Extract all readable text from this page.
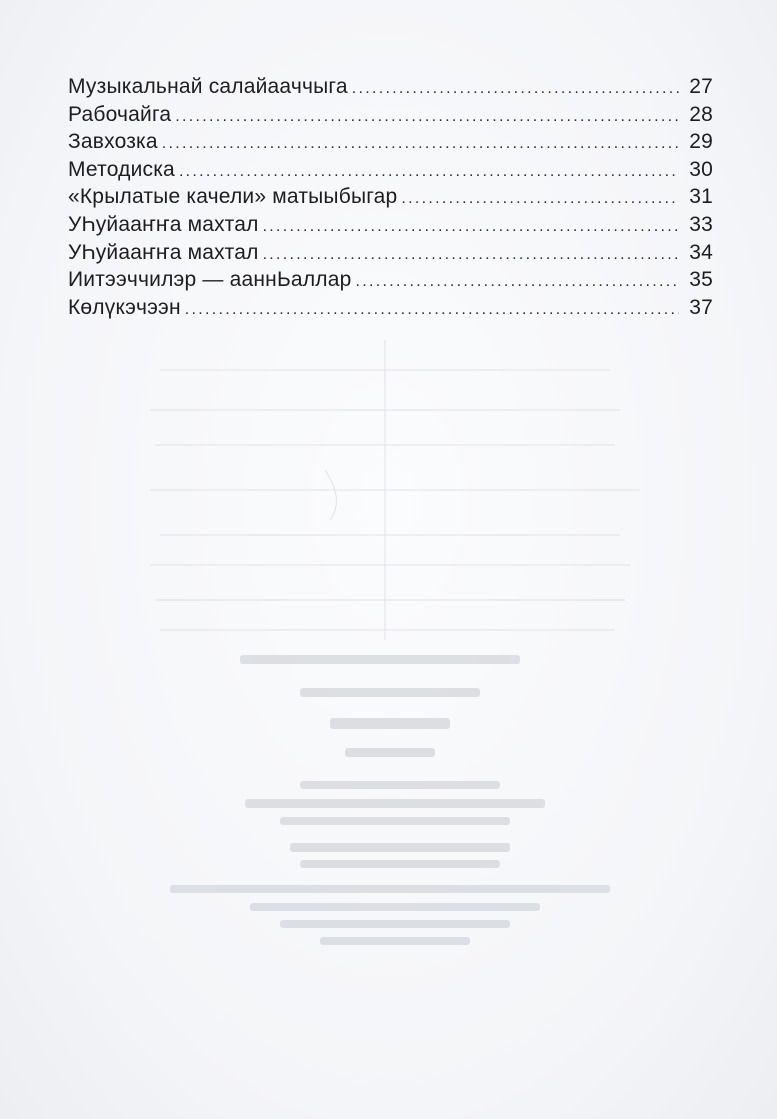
Музыкальнай салайааччыга .....	27
Рабочайга .....	28
Завхозка .....	29
Методиска .....	30
«Крылатые качели» матыыбыгар .....	31
УҺуйааҥҥа махтал .....	33
УҺуйааҥҥа махтал .....	34
Иитээччилэр — ааннЬаллар .....	35
Көлүкэчээн .....	37
